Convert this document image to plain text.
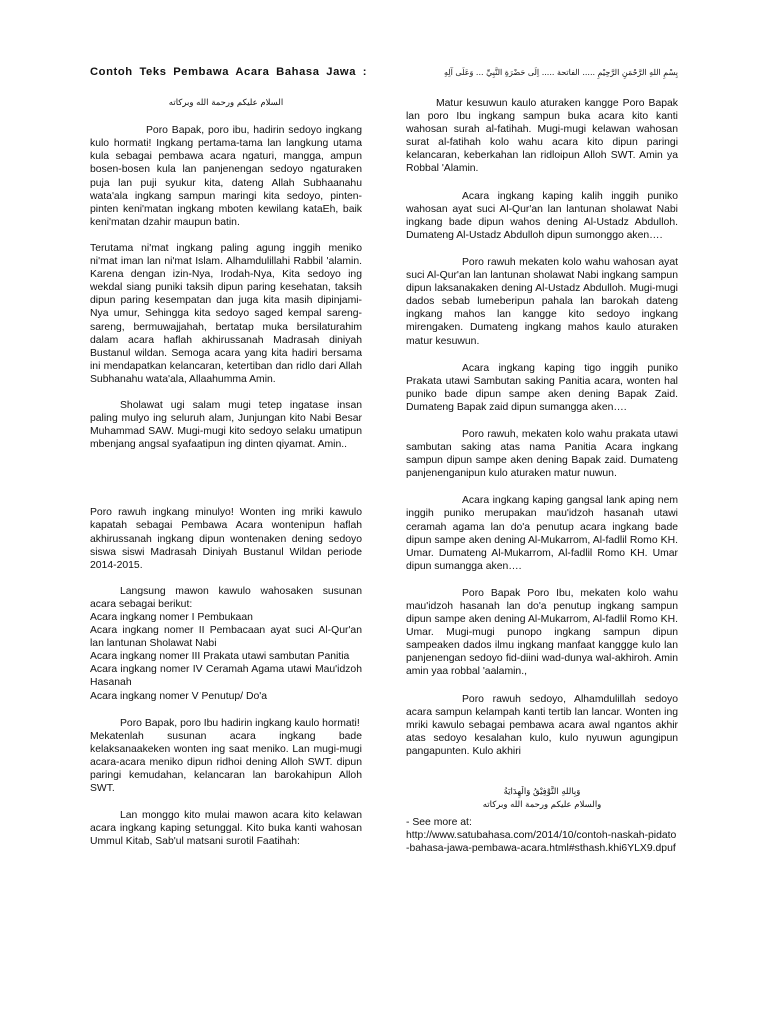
Contoh Teks Pembawa Acara Bahasa Jawa :

السلام عليكم ورحمة الله وبركاته

Poro Bapak, poro ibu, hadirin sedoyo ingkang kulo hormati! Ingkang pertama-tama lan langkung utama kula sebagai pembawa acara ngaturi, mangga, ampun bosen-bosen kula lan panjenengan sedoyo ngaturaken puja lan puji syukur kita, dateng Allah Subhaanahu wata'ala ingkang sampun maringi kita sedoyo, pinten-pinten keni'matan ingkang mboten kewilang kataEh, baik keni'matan dzahir maupun batin.

Terutama ni'mat ingkang paling agung inggih meniko ni'mat iman lan ni'mat Islam. Alhamdulillahi Rabbil 'alamin. Karena dengan izin-Nya, Irodah-Nya, Kita sedoyo ing wekdal siang puniki taksih dipun paring kesehatan, taksih dipun paring kesempatan dan juga kita masih dipinjami-Nya umur, Sehingga kita sedoyo saged kempal sareng-sareng, bermuwajjahah, bertatap muka bersilaturahim dalam acara haflah akhirussanah Madrasah diniyah Bustanul wildan. Semoga acara yang kita hadiri bersama ini mendapatkan kelancaran, ketertiban dan ridlo dari Allah Subhanahu wata'ala, Allaahumma Amin.

Sholawat ugi salam mugi tetep ingatase insan paling mulyo ing seluruh alam, Junjungan kito Nabi Besar Muhammad SAW. Mugi-mugi kito sedoyo selaku umatipun mbenjang angsal syafaatipun ing dinten qiyamat. Amin..

Poro rawuh ingkang minulyo! Wonten ing mriki kawulo kapatah sebagai Pembawa Acara wontenipun haflah akhirussanah ingkang dipun wontenaken dening sedoyo siswa siswi Madrasah Diniyah Bustanul Wildan periode 2014-2015.

Langsung mawon kawulo wahosaken susunan acara sebagai berikut:

Acara ingkang nomer I Pembukaan

Acara ingkang nomer II Pembacaan ayat suci Al-Qur'an lan lantunan Sholawat Nabi

Acara ingkang nomer III Prakata utawi sambutan Panitia

Acara ingkang nomer IV Ceramah Agama utawi Mau'idzoh Hasanah

Acara ingkang nomer V Penutup/ Do'a

Poro Bapak, poro Ibu hadirin ingkang kaulo hormati!

Mekatenlah susunan acara ingkang bade kelaksanaakeken wonten ing saat meniko. Lan mugi-mugi acara-acara meniko dipun ridhoi dening Alloh SWT. dipun paringi kemudahan, kelancaran lan barokahipun Alloh SWT.

Lan monggo kito mulai mawon acara kito kelawan acara ingkang kaping setunggal. Kito buka kanti wahosan Ummul Kitab, Sab'ul matsani surotil Faatihah:

بِسْمِ اللهِ الرَّحْمَنِ الرَّحِيْمِ ..... الفاتحة ..... اِلَى حَضْرَةِ النَّبِيِّ ... وَعَلَى آلِهِ

Matur kesuwun kaulo aturaken kangge Poro Bapak lan poro Ibu ingkang sampun buka acara kito kanti wahosan surah al-fatihah. Mugi-mugi kelawan wahosan surat al-fatihah kolo wahu acara kito dipun paringi kelancaran, keberkahan lan ridloipun Alloh SWT. Amin ya Robbal 'Alamin.

Acara ingkang kaping kalih inggih puniko wahosan ayat suci Al-Qur'an lan lantunan sholawat Nabi ingkang bade dipun wahos dening Al-Ustadz Abdulloh. Dumateng Al-Ustadz Abdulloh dipun sumonggo aken….

Poro rawuh mekaten kolo wahu wahosan ayat suci Al-Qur'an lan lantunan sholawat Nabi ingkang sampun dipun laksanakaken dening Al-Ustadz Abdulloh. Mugi-mugi dados sebab lumeberipun pahala lan barokah dateng ingkang mahos lan kangge kito sedoyo ingkang mirengaken. Dumateng ingkang mahos kaulo aturaken matur kesuwun.

Acara ingkang kaping tigo inggih puniko Prakata utawi Sambutan saking Panitia acara, wonten hal puniko bade dipun sampe aken dening Bapak Zaid. Dumateng Bapak zaid dipun sumangga aken….

Poro rawuh, mekaten kolo wahu prakata utawi sambutan saking atas nama Panitia Acara ingkang sampun dipun sampe aken dening Bapak zaid. Dumateng panjenenganipun kulo aturaken matur nuwun.

Acara ingkang kaping gangsal lank aping nem inggih puniko merupakan mau'idzoh hasanah utawi ceramah agama lan do'a penutup acara ingkang bade dipun sampe aken dening Al-Mukarrom, Al-fadlil Romo KH. Umar. Dumateng Al-Mukarrom, Al-fadlil Romo KH. Umar dipun sumangga aken….

Poro Bapak Poro Ibu, mekaten kolo wahu mau'idzoh hasanah lan do'a penutup ingkang sampun dipun sampe aken dening Al-Mukarrom, Al-fadlil Romo KH. Umar. Mugi-mugi punopo ingkang sampun dipun sampeaken dados ilmu ingkang manfaat kanggge kulo lan panjenengan sedoyo fid-diini wad-dunya wal-akhiroh. Amin amin yaa robbal 'aalamin.,

Poro rawuh sedoyo, Alhamdulillah sedoyo acara sampun kelampah kanti tertib lan lancar. Wonten ing mriki kawulo sebagai pembawa acara awal ngantos akhir atas sedoyo kesalahan kulo, kulo nyuwun agungipun pangapunten. Kulo akhiri

وَبِاللهِ التَّوْفِيْقُ وَالْهِدَايَةُ

والسلام عليكم ورحمة الله وبركاته

- See more at:

http://www.satubahasa.com/2014/10/contoh-naskah-pidato-bahasa-jawa-pembawa-acara.html#sthash.khi6YLX9.dpuf
